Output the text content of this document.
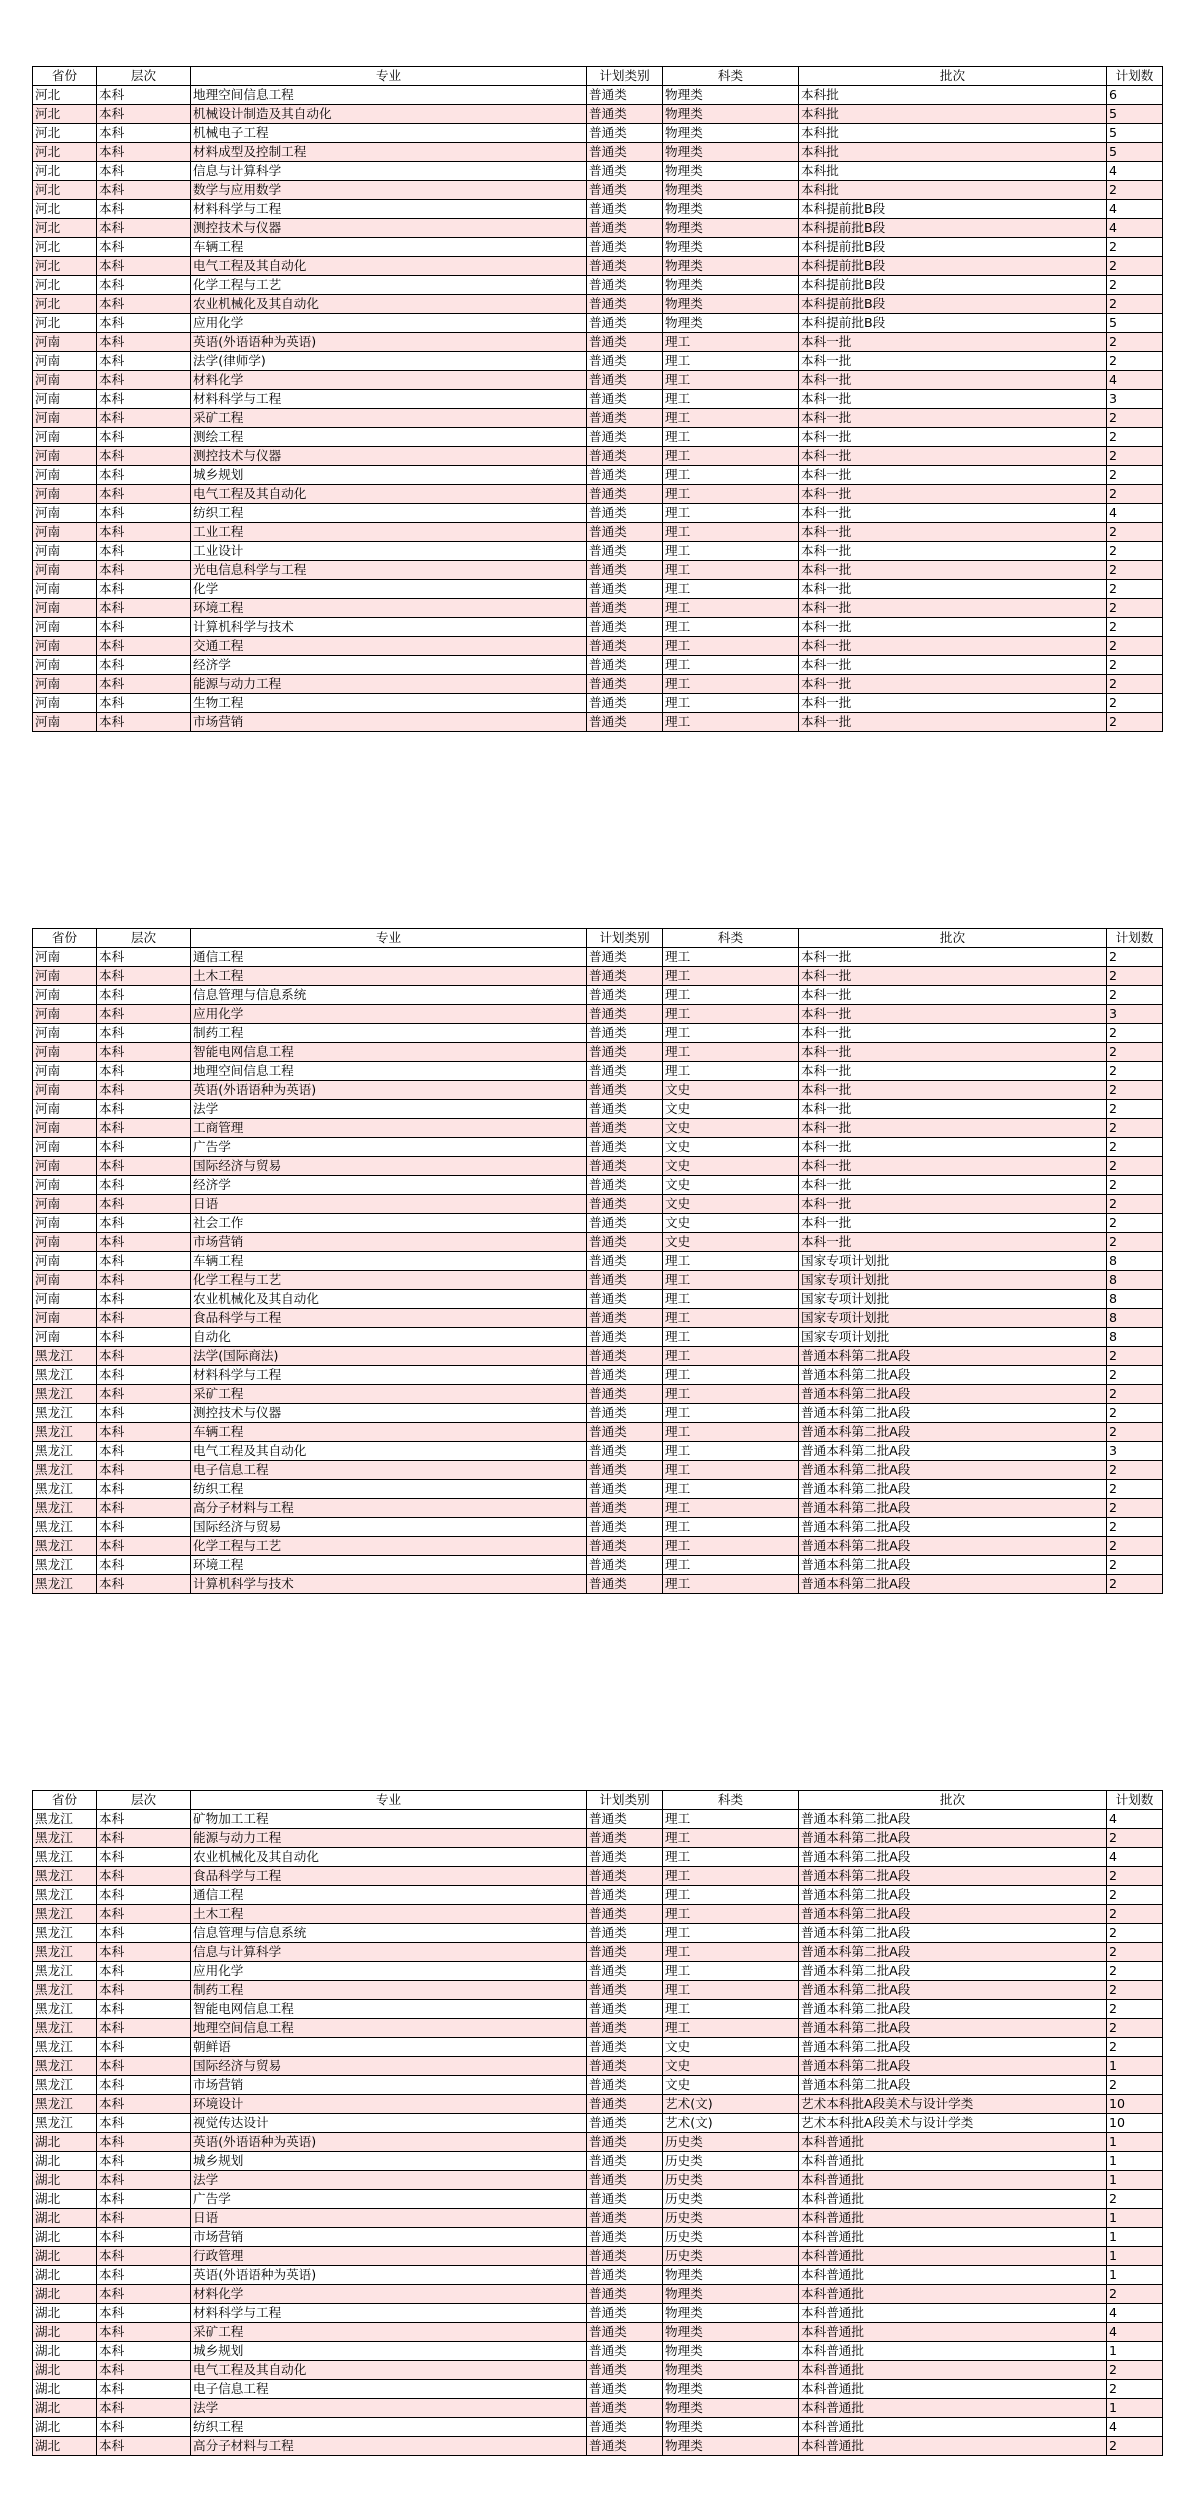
省份	层次	专业	计划类别	科类	批次	计划数
河北	本科	地理空间信息工程	普通类	物理类	本科批	6
河北	本科	机械设计制造及其自动化	普通类	物理类	本科批	5
河北	本科	机械电子工程	普通类	物理类	本科批	5
河北	本科	材料成型及控制工程	普通类	物理类	本科批	5
河北	本科	信息与计算科学	普通类	物理类	本科批	4
河北	本科	数学与应用数学	普通类	物理类	本科批	2
河北	本科	材料科学与工程	普通类	物理类	本科提前批B段	4
河北	本科	测控技术与仪器	普通类	物理类	本科提前批B段	4
河北	本科	车辆工程	普通类	物理类	本科提前批B段	2
河北	本科	电气工程及其自动化	普通类	物理类	本科提前批B段	2
河北	本科	化学工程与工艺	普通类	物理类	本科提前批B段	2
河北	本科	农业机械化及其自动化	普通类	物理类	本科提前批B段	2
河北	本科	应用化学	普通类	物理类	本科提前批B段	5
河南	本科	英语(外语语种为英语)	普通类	理工	本科一批	2
河南	本科	法学(律师学)	普通类	理工	本科一批	2
河南	本科	材料化学	普通类	理工	本科一批	4
河南	本科	材料科学与工程	普通类	理工	本科一批	3
河南	本科	采矿工程	普通类	理工	本科一批	2
河南	本科	测绘工程	普通类	理工	本科一批	2
河南	本科	测控技术与仪器	普通类	理工	本科一批	2
河南	本科	城乡规划	普通类	理工	本科一批	2
河南	本科	电气工程及其自动化	普通类	理工	本科一批	2
河南	本科	纺织工程	普通类	理工	本科一批	4
河南	本科	工业工程	普通类	理工	本科一批	2
河南	本科	工业设计	普通类	理工	本科一批	2
河南	本科	光电信息科学与工程	普通类	理工	本科一批	2
河南	本科	化学	普通类	理工	本科一批	2
河南	本科	环境工程	普通类	理工	本科一批	2
河南	本科	计算机科学与技术	普通类	理工	本科一批	2
河南	本科	交通工程	普通类	理工	本科一批	2
河南	本科	经济学	普通类	理工	本科一批	2
河南	本科	能源与动力工程	普通类	理工	本科一批	2
河南	本科	生物工程	普通类	理工	本科一批	2
河南	本科	市场营销	普通类	理工	本科一批	2
省份	层次	专业	计划类别	科类	批次	计划数
河南	本科	通信工程	普通类	理工	本科一批	2
河南	本科	土木工程	普通类	理工	本科一批	2
河南	本科	信息管理与信息系统	普通类	理工	本科一批	2
河南	本科	应用化学	普通类	理工	本科一批	3
河南	本科	制药工程	普通类	理工	本科一批	2
河南	本科	智能电网信息工程	普通类	理工	本科一批	2
河南	本科	地理空间信息工程	普通类	理工	本科一批	2
河南	本科	英语(外语语种为英语)	普通类	文史	本科一批	2
河南	本科	法学	普通类	文史	本科一批	2
河南	本科	工商管理	普通类	文史	本科一批	2
河南	本科	广告学	普通类	文史	本科一批	2
河南	本科	国际经济与贸易	普通类	文史	本科一批	2
河南	本科	经济学	普通类	文史	本科一批	2
河南	本科	日语	普通类	文史	本科一批	2
河南	本科	社会工作	普通类	文史	本科一批	2
河南	本科	市场营销	普通类	文史	本科一批	2
河南	本科	车辆工程	普通类	理工	国家专项计划批	8
河南	本科	化学工程与工艺	普通类	理工	国家专项计划批	8
河南	本科	农业机械化及其自动化	普通类	理工	国家专项计划批	8
河南	本科	食品科学与工程	普通类	理工	国家专项计划批	8
河南	本科	自动化	普通类	理工	国家专项计划批	8
黑龙江	本科	法学(国际商法)	普通类	理工	普通本科第二批A段	2
黑龙江	本科	材料科学与工程	普通类	理工	普通本科第二批A段	2
黑龙江	本科	采矿工程	普通类	理工	普通本科第二批A段	2
黑龙江	本科	测控技术与仪器	普通类	理工	普通本科第二批A段	2
黑龙江	本科	车辆工程	普通类	理工	普通本科第二批A段	2
黑龙江	本科	电气工程及其自动化	普通类	理工	普通本科第二批A段	3
黑龙江	本科	电子信息工程	普通类	理工	普通本科第二批A段	2
黑龙江	本科	纺织工程	普通类	理工	普通本科第二批A段	2
黑龙江	本科	高分子材料与工程	普通类	理工	普通本科第二批A段	2
黑龙江	本科	国际经济与贸易	普通类	理工	普通本科第二批A段	2
黑龙江	本科	化学工程与工艺	普通类	理工	普通本科第二批A段	2
黑龙江	本科	环境工程	普通类	理工	普通本科第二批A段	2
黑龙江	本科	计算机科学与技术	普通类	理工	普通本科第二批A段	2
省份	层次	专业	计划类别	科类	批次	计划数
黑龙江	本科	矿物加工工程	普通类	理工	普通本科第二批A段	4
黑龙江	本科	能源与动力工程	普通类	理工	普通本科第二批A段	2
黑龙江	本科	农业机械化及其自动化	普通类	理工	普通本科第二批A段	4
黑龙江	本科	食品科学与工程	普通类	理工	普通本科第二批A段	2
黑龙江	本科	通信工程	普通类	理工	普通本科第二批A段	2
黑龙江	本科	土木工程	普通类	理工	普通本科第二批A段	2
黑龙江	本科	信息管理与信息系统	普通类	理工	普通本科第二批A段	2
黑龙江	本科	信息与计算科学	普通类	理工	普通本科第二批A段	2
黑龙江	本科	应用化学	普通类	理工	普通本科第二批A段	2
黑龙江	本科	制药工程	普通类	理工	普通本科第二批A段	2
黑龙江	本科	智能电网信息工程	普通类	理工	普通本科第二批A段	2
黑龙江	本科	地理空间信息工程	普通类	理工	普通本科第二批A段	2
黑龙江	本科	朝鲜语	普通类	文史	普通本科第二批A段	2
黑龙江	本科	国际经济与贸易	普通类	文史	普通本科第二批A段	1
黑龙江	本科	市场营销	普通类	文史	普通本科第二批A段	2
黑龙江	本科	环境设计	普通类	艺术(文)	艺术本科批A段美术与设计学类	10
黑龙江	本科	视觉传达设计	普通类	艺术(文)	艺术本科批A段美术与设计学类	10
湖北	本科	英语(外语语种为英语)	普通类	历史类	本科普通批	1
湖北	本科	城乡规划	普通类	历史类	本科普通批	1
湖北	本科	法学	普通类	历史类	本科普通批	1
湖北	本科	广告学	普通类	历史类	本科普通批	2
湖北	本科	日语	普通类	历史类	本科普通批	1
湖北	本科	市场营销	普通类	历史类	本科普通批	1
湖北	本科	行政管理	普通类	历史类	本科普通批	1
湖北	本科	英语(外语语种为英语)	普通类	物理类	本科普通批	1
湖北	本科	材料化学	普通类	物理类	本科普通批	2
湖北	本科	材料科学与工程	普通类	物理类	本科普通批	4
湖北	本科	采矿工程	普通类	物理类	本科普通批	4
湖北	本科	城乡规划	普通类	物理类	本科普通批	1
湖北	本科	电气工程及其自动化	普通类	物理类	本科普通批	2
湖北	本科	电子信息工程	普通类	物理类	本科普通批	2
湖北	本科	法学	普通类	物理类	本科普通批	1
湖北	本科	纺织工程	普通类	物理类	本科普通批	4
湖北	本科	高分子材料与工程	普通类	物理类	本科普通批	2
